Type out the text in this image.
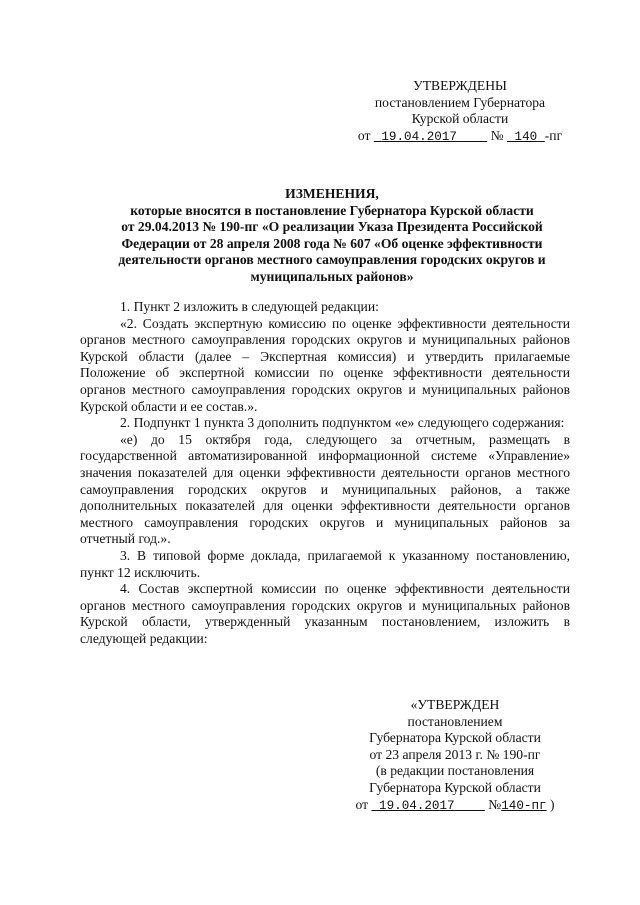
УТВЕРЖДЕНЫ
постановлением Губернатора
Курской области
от 19.04.2017 № 140 -пг
ИЗМЕНЕНИЯ,
которые вносятся в постановление Губернатора Курской области
от 29.04.2013 № 190-пг «О реализации Указа Президента Российской
Федерации от 28 апреля 2008 года № 607 «Об оценке эффективности
деятельности органов местного самоуправления городских округов и
муниципальных районов»

1. Пункт 2 изложить в следующей редакции:

«2. Создать экспертную комиссию по оценке эффективности деятельности органов местного самоуправления городских округов и муниципальных районов Курской области (далее – Экспертная комиссия) и утвердить прилагаемые Положение об экспертной комиссии по оценке эффективности деятельности органов местного самоуправления городских округов и муниципальных районов Курской области и ее состав.».

2. Подпункт 1 пункта 3 дополнить подпунктом «е» следующего содержания:

«е) до 15 октября года, следующего за отчетным, размещать в государственной автоматизированной информационной системе «Управление» значения показателей для оценки эффективности деятельности органов местного самоуправления городских округов и муниципальных районов, а также дополнительных показателей для оценки эффективности деятельности органов местного самоуправления городских округов и муниципальных районов за отчетный год.».

3. В типовой форме доклада, прилагаемой к указанному постановлению, пункт 12 исключить.

4. Состав экспертной комиссии по оценке эффективности деятельности органов местного самоуправления городских округов и муниципальных районов Курской области, утвержденный указанным постановлением, изложить в следующей редакции:

«УТВЕРЖДЕН
постановлением
Губернатора Курской области
от 23 апреля 2013 г. № 190-пг
(в редакции постановления
Губернатора Курской области
от 19.04.2017 №140-пг )
